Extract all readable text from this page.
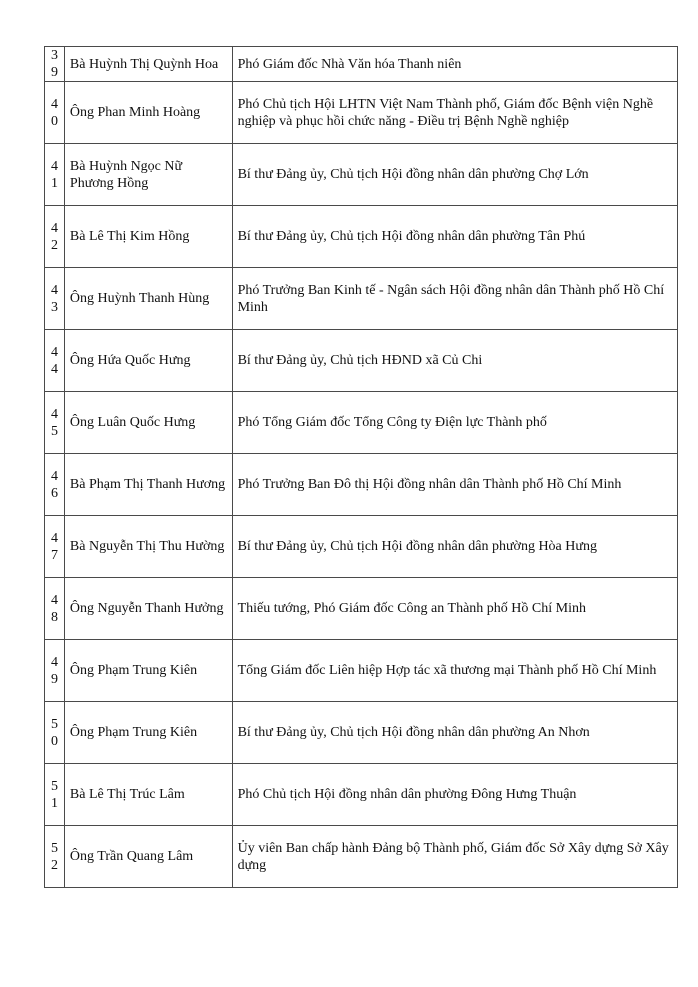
39	Bà Huỳnh Thị Quỳnh Hoa	Phó Giám đốc Nhà Văn hóa Thanh niên
40	Ông Phan Minh Hoàng	Phó Chủ tịch Hội LHTN Việt Nam Thành phố, Giám đốc Bệnh viện Nghề nghiệp và phục hồi chức năng - Điều trị Bệnh Nghề nghiệp
41	Bà Huỳnh Ngọc Nữ Phương Hồng	Bí thư Đảng ủy, Chủ tịch Hội đồng nhân dân phường Chợ Lớn
42	Bà Lê Thị Kim Hồng	Bí thư Đảng ủy, Chủ tịch Hội đồng nhân dân phường Tân Phú
43	Ông Huỳnh Thanh Hùng	Phó Trưởng Ban Kinh tế - Ngân sách Hội đồng nhân dân Thành phố Hồ Chí Minh
44	Ông Hứa Quốc Hưng	Bí thư Đảng ủy, Chủ tịch HĐND xã Củ Chi
45	Ông Luân Quốc Hưng	Phó Tổng Giám đốc Tổng Công ty Điện lực Thành phố
46	Bà Phạm Thị Thanh Hương	Phó Trưởng Ban Đô thị Hội đồng nhân dân Thành phố Hồ Chí Minh
47	Bà Nguyễn Thị Thu Hường	Bí thư Đảng ủy, Chủ tịch Hội đồng nhân dân phường Hòa Hưng
48	Ông Nguyễn Thanh Hưởng	Thiếu tướng, Phó Giám đốc Công an Thành phố Hồ Chí Minh
49	Ông Phạm Trung Kiên	Tổng Giám đốc Liên hiệp Hợp tác xã thương mại Thành phố Hồ Chí Minh
50	Ông Phạm Trung Kiên	Bí thư Đảng ủy, Chủ tịch Hội đồng nhân dân phường An Nhơn
51	Bà Lê Thị Trúc Lâm	Phó Chủ tịch Hội đồng nhân dân phường Đông Hưng Thuận
52	Ông Trần Quang Lâm	Ủy viên Ban chấp hành Đảng bộ Thành phố, Giám đốc Sở Xây dựng Sở Xây dựng
